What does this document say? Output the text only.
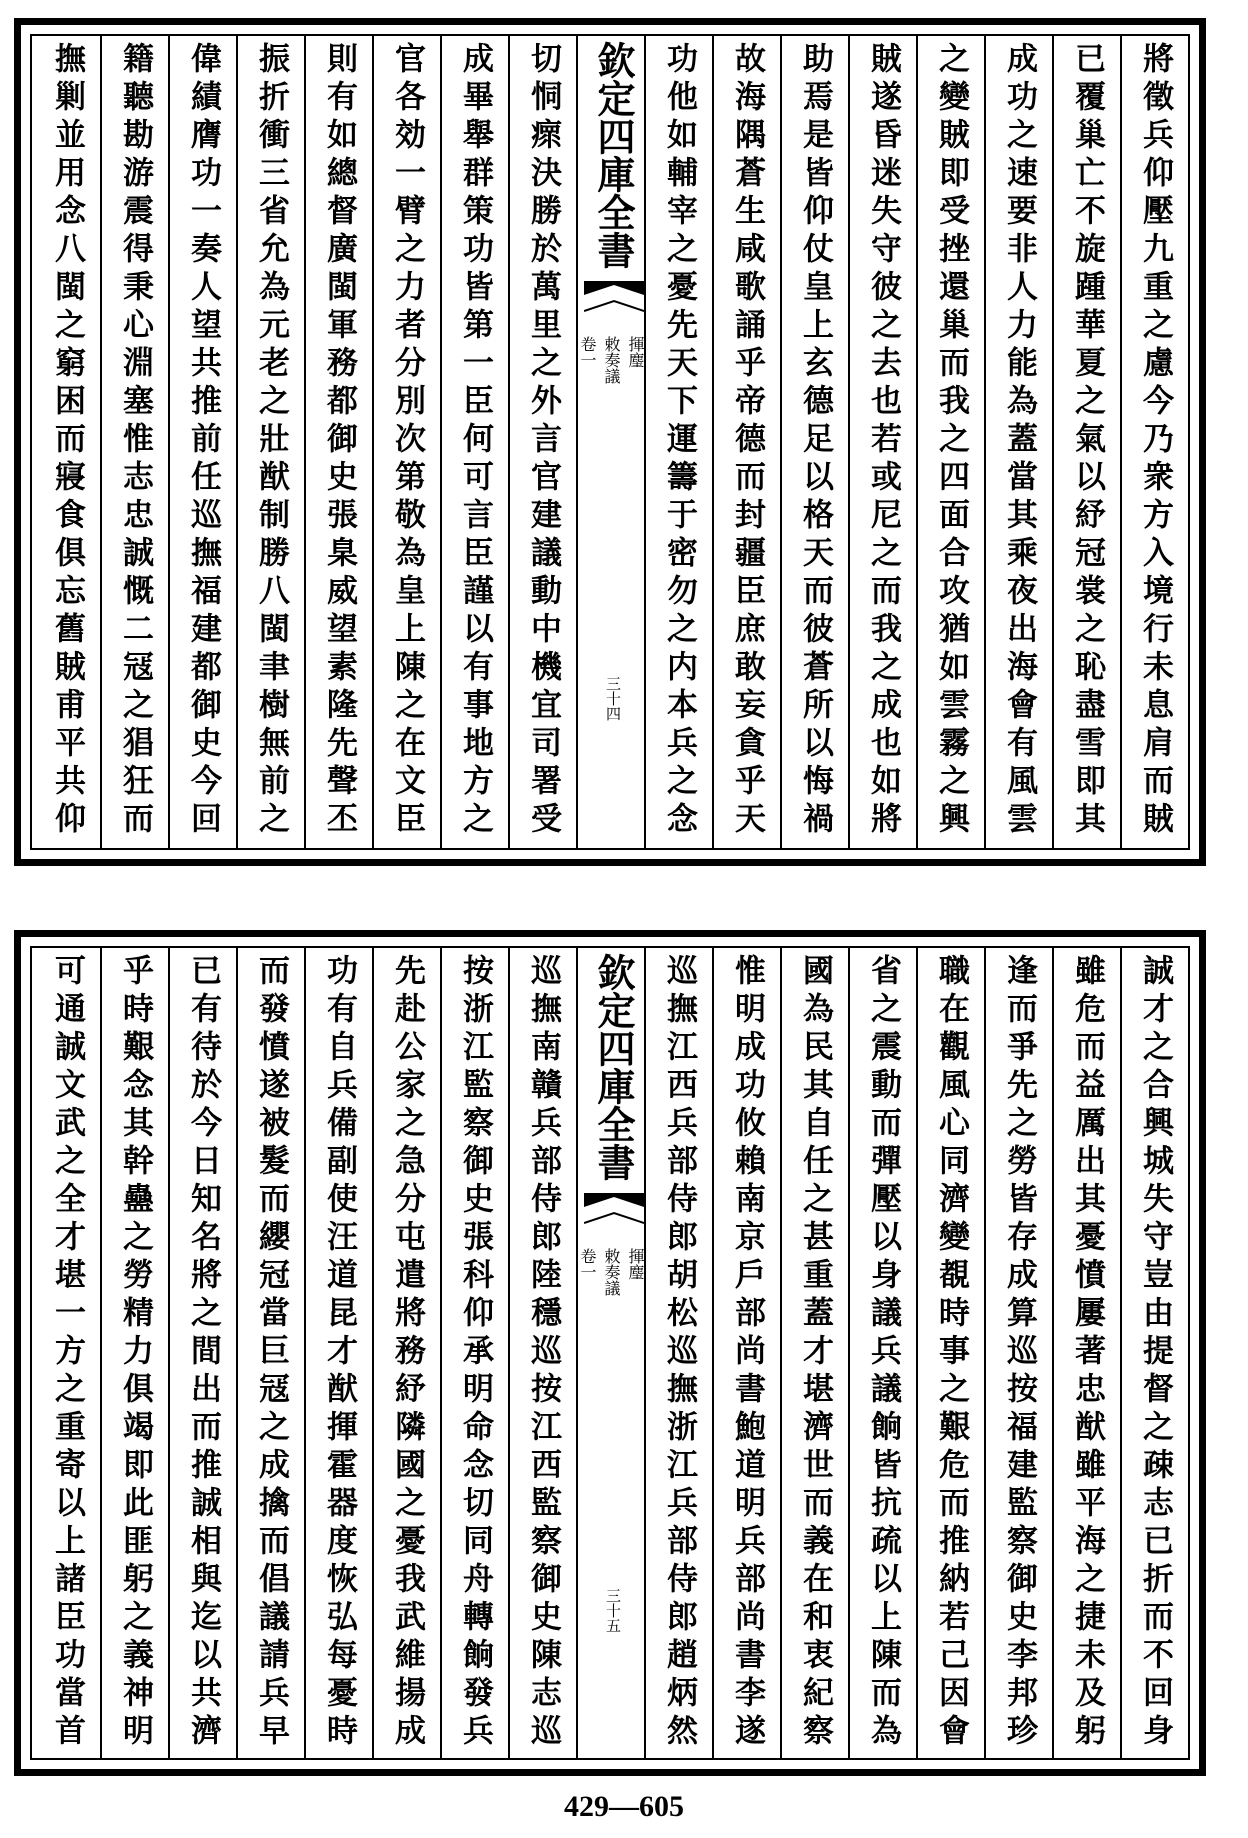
將徵兵仰壓九重之慮今乃衆方入境行未息肩而賊
已覆巢亡不旋踵華夏之氣以紓冠裳之恥盡雪即其
成功之速要非人力能為蓋當其乘夜出海會有風雲
之變賊即受挫還巢而我之四面合攻猶如雲霧之興
賊遂昏迷失守彼之去也若或尼之而我之成也如將
助焉是皆仰仗皇上玄德足以格天而彼蒼所以悔禍
故海隅蒼生咸歌誦乎帝德而封疆臣庶敢妄貪乎天
功他如輔宰之憂先天下運籌于密勿之内本兵之念
欽定四庫全書
揮麈
敕奏議
卷一
三十四
切恫瘝決勝於萬里之外言官建議動中機宜司署受
成畢舉群策功皆第一臣何可言臣謹以有事地方之
官各効一臂之力者分別次第敬為皇上陳之在文臣
則有如總督廣閩軍務都御史張臬威望素隆先聲丕
振折衝三省允為元老之壯猷制勝八閩聿樹無前之
偉績膺功一奏人望共推前任巡撫福建都御史今回
籍聽勘游震得秉心淵塞惟志忠誠慨二冦之猖狂而
撫剿並用念八閩之窮困而寢食俱忘舊賊甫平共仰
誠才之合興城失守豈由提督之疎志已折而不回身
雖危而益厲出其憂憤屢著忠猷雖平海之捷未及躬
逢而爭先之勞皆存成算巡按福建監察御史李邦珍
職在觀風心同濟變覩時事之艱危而推納若己因會
省之震動而彈壓以身議兵議餉皆抗疏以上陳而為
國為民其自任之甚重蓋才堪濟世而義在和衷紀察
惟明成功攸賴南京戶部尚書鮑道明兵部尚書李遂
巡撫江西兵部侍郎胡松巡撫浙江兵部侍郎趙炳然
欽定四庫全書
揮麈
敕奏議
卷一
三十五
巡撫南贛兵部侍郎陸穩巡按江西監察御史陳志巡
按浙江監察御史張科仰承明命念切同舟轉餉發兵
先赴公家之急分屯遣將務紓隣國之憂我武維揚成
功有自兵備副使汪道昆才猷揮霍器度恢弘每憂時
而發憤遂被髮而纓冠當巨冦之成擒而倡議請兵早
已有待於今日知名將之間出而推誠相與迄以共濟
乎時艱念其幹蠱之勞精力俱竭即此匪躬之義神明
可通誠文武之全才堪一方之重寄以上諸臣功當首
429—605
